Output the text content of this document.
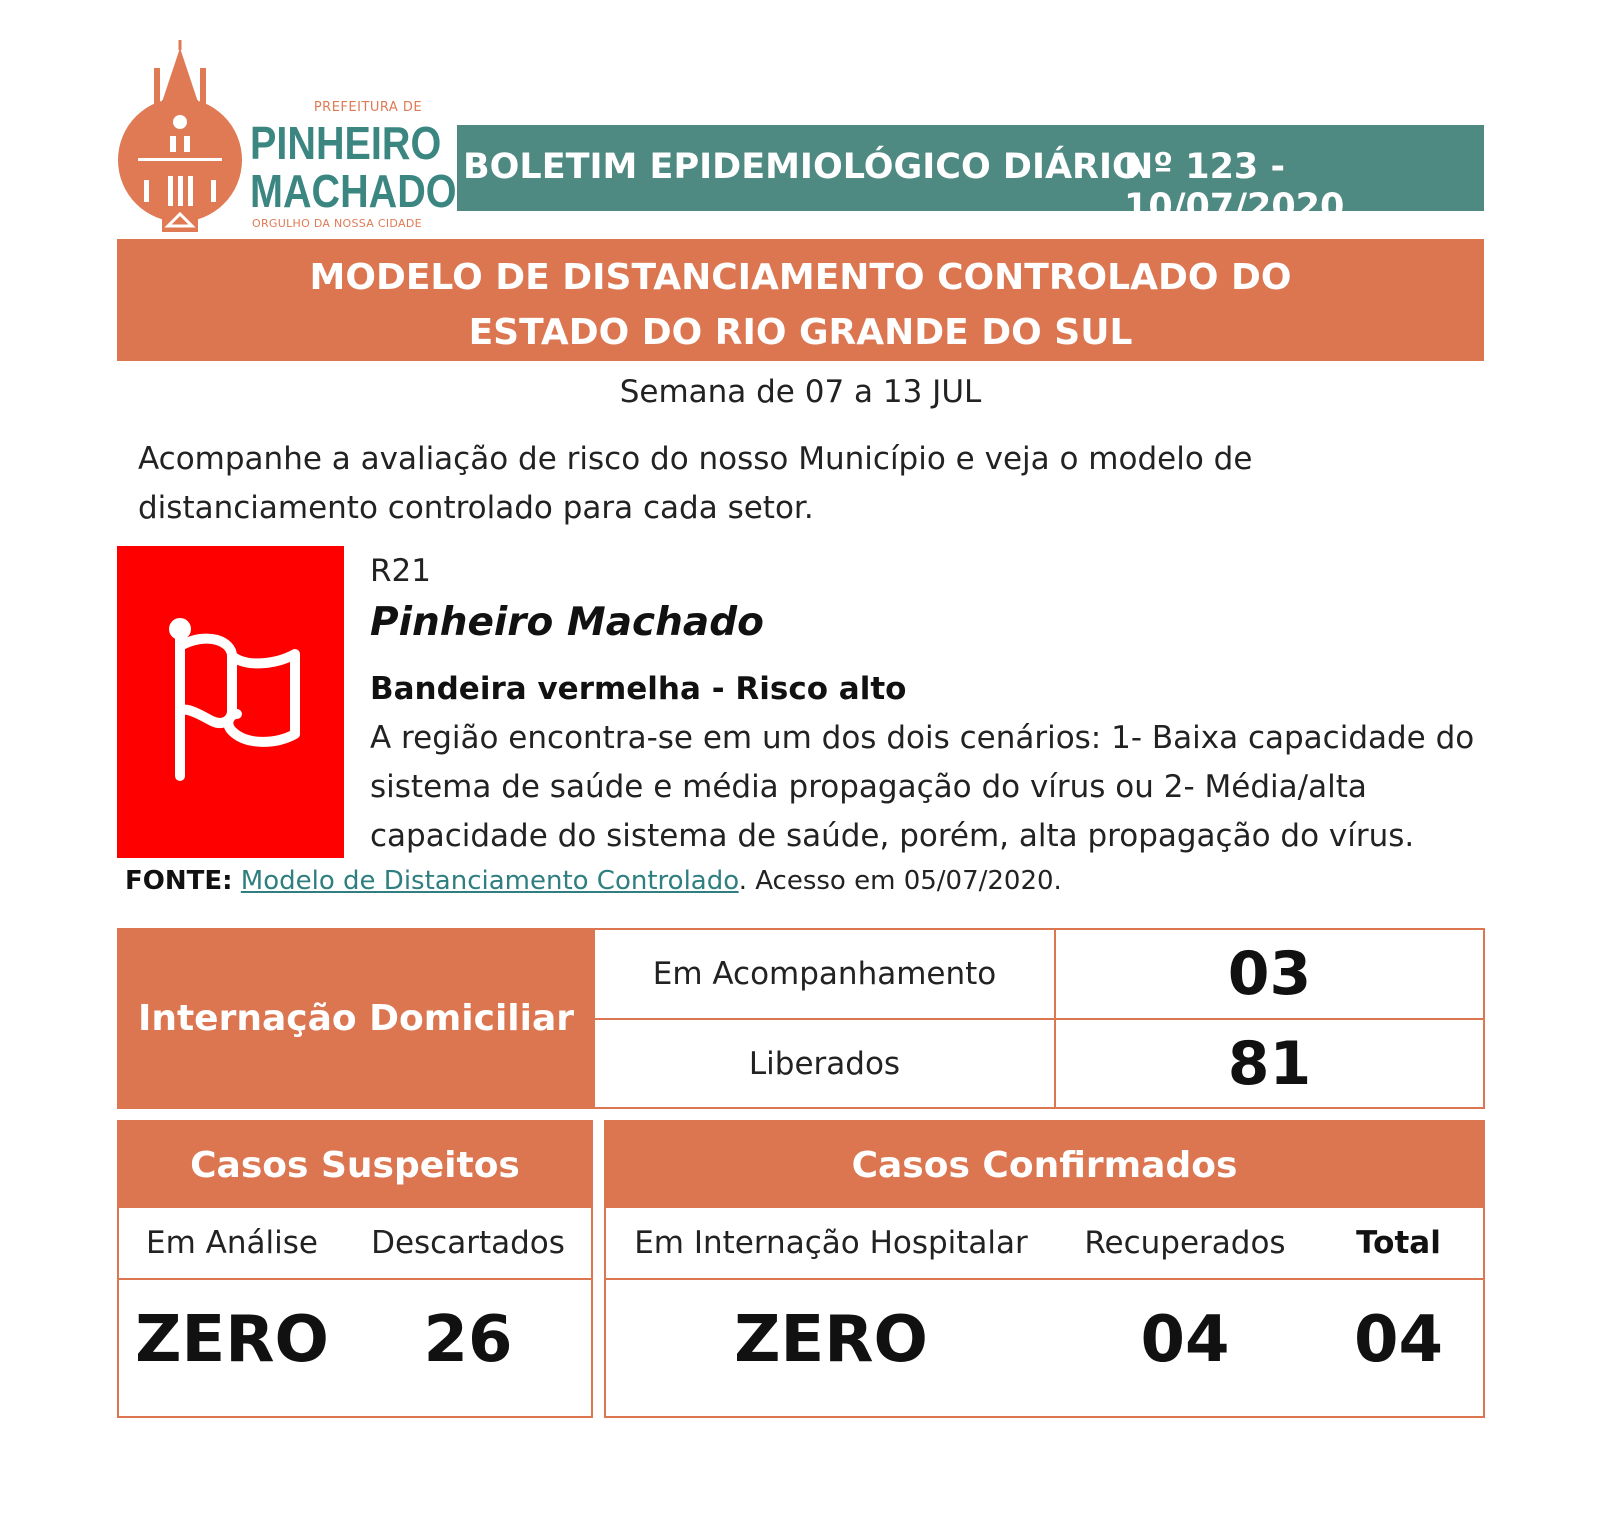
PREFEITURA DE
PINHEIRO
MACHADO
ORGULHO DA NOSSA CIDADE
BOLETIM EPIDEMIOLÓGICO DIÁRIO
Nº 123 - 10/07/2020
MODELO DE DISTANCIAMENTO CONTROLADO DO
ESTADO DO RIO GRANDE DO SUL
Semana de 07 a 13 JUL
Acompanhe a avaliação de risco do nosso Município e veja o modelo de distanciamento controlado para cada setor.
R21
Pinheiro Machado
Bandeira vermelha - Risco alto
A região encontra-se em um dos dois cenários: 1- Baixa capacidade do sistema de saúde e média propagação do vírus ou 2- Média/alta capacidade do sistema de saúde, porém, alta propagação do vírus.
FONTE: Modelo de Distanciamento Controlado. Acesso em 05/07/2020.
Internação Domiciliar
Em Acompanhamento	03
Liberados	81
Casos Suspeitos
Em Análise	Descartados
ZERO	26
Casos Confirmados
Em Internação Hospitalar	Recuperados	Total
ZERO	04	04
